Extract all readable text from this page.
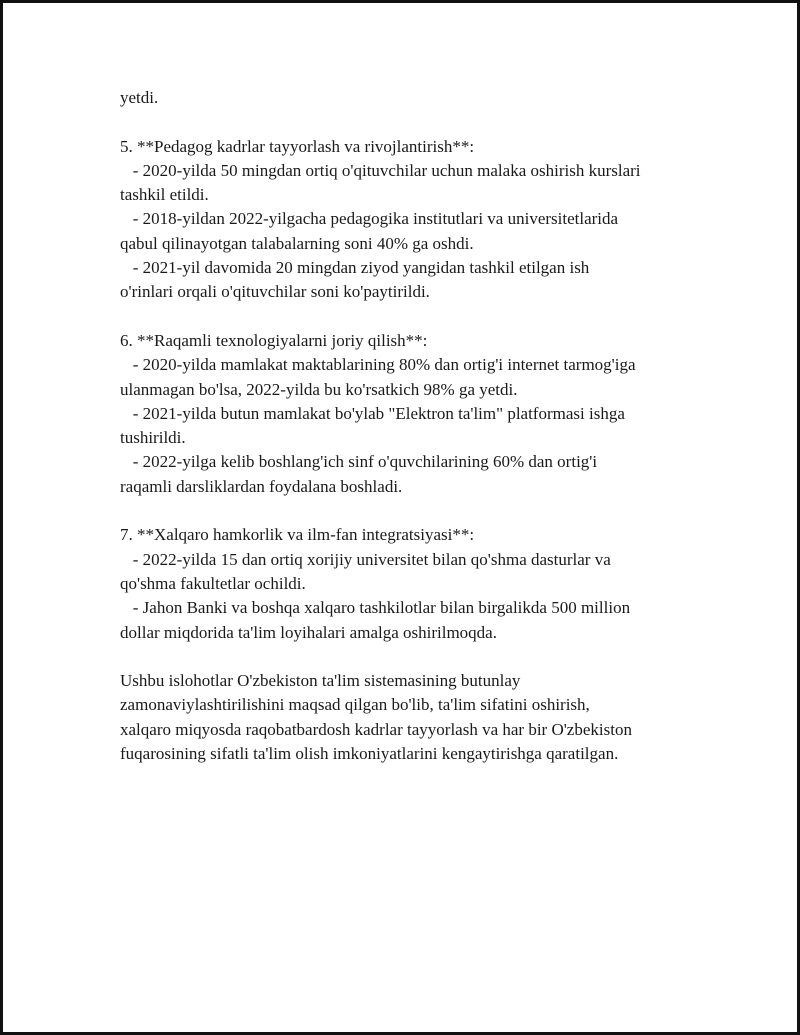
yetdi.
5. **Pedagog kadrlar tayyorlash va rivojlantirish**:
- 2020-yilda 50 mingdan ortiq o'qituvchilar uchun malaka oshirish kurslari
tashkil etildi.
- 2018-yildan 2022-yilgacha pedagogika institutlari va universitetlarida
qabul qilinayotgan talabalarning soni 40% ga oshdi.
- 2021-yil davomida 20 mingdan ziyod yangidan tashkil etilgan ish
o'rinlari orqali o'qituvchilar soni ko'paytirildi.
6. **Raqamli texnologiyalarni joriy qilish**:
- 2020-yilda mamlakat maktablarining 80% dan ortig'i internet tarmog'iga
ulanmagan bo'lsa, 2022-yilda bu ko'rsatkich 98% ga yetdi.
- 2021-yilda butun mamlakat bo'ylab "Elektron ta'lim" platformasi ishga
tushirildi.
- 2022-yilga kelib boshlang'ich sinf o'quvchilarining 60% dan ortig'i
raqamli darsliklardan foydalana boshladi.
7. **Xalqaro hamkorlik va ilm-fan integratsiyasi**:
- 2022-yilda 15 dan ortiq xorijiy universitet bilan qo'shma dasturlar va
qo'shma fakultetlar ochildi.
- Jahon Banki va boshqa xalqaro tashkilotlar bilan birgalikda 500 million
dollar miqdorida ta'lim loyihalari amalga oshirilmoqda.
Ushbu islohotlar O'zbekiston ta'lim sistemasining butunlay
zamonaviylashtirilishini maqsad qilgan bo'lib, ta'lim sifatini oshirish,
xalqaro miqyosda raqobatbardosh kadrlar tayyorlash va har bir O'zbekiston
fuqarosining sifatli ta'lim olish imkoniyatlarini kengaytirishga qaratilgan.
